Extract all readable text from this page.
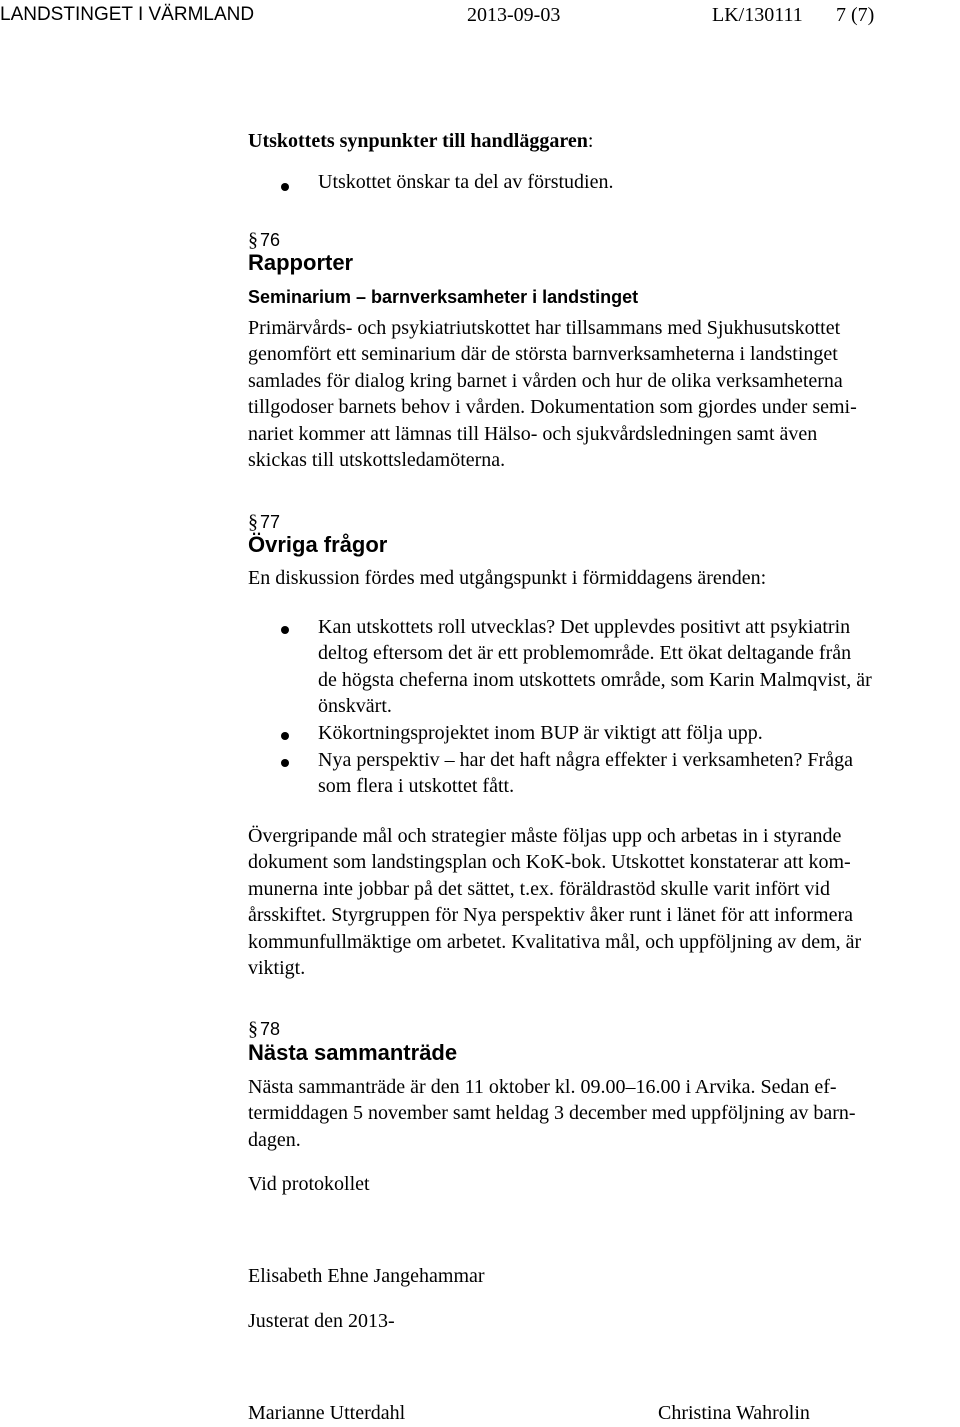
LANDSTINGET I VÄRMLAND	2013-09-03	LK/130111 7 (7)
Utskottets synpunkter till handläggaren:
Utskottet önskar ta del av förstudien.
§ 76
Rapporter
Seminarium – barnverksamheter i landstinget
Primärvårds- och psykiatriutskottet har tillsammans med Sjukhusutskottet
genomfört ett seminarium där de största barnverksamheterna i landstinget
samlades för dialog kring barnet i vården och hur de olika verksamheterna
tillgodoser barnets behov i vården. Dokumentation som gjordes under semi-
nariet kommer att lämnas till Hälso- och sjukvårdsledningen samt även
skickas till utskottsledamöterna.
§ 77
Övriga frågor
En diskussion fördes med utgångspunkt i förmiddagens ärenden:
Kan utskottets roll utvecklas? Det upplevdes positivt att psykiatrin
deltog eftersom det är ett problemområde. Ett ökat deltagande från
de högsta cheferna inom utskottets område, som Karin Malmqvist, är
önskvärt.
Kökortningsprojektet inom BUP är viktigt att följa upp.
Nya perspektiv – har det haft några effekter i verksamheten? Fråga
som flera i utskottet fått.
Övergripande mål och strategier måste följas upp och arbetas in i styrande
dokument som landstingsplan och KoK-bok. Utskottet konstaterar att kom-
munerna inte jobbar på det sättet, t.ex. föräldrastöd skulle varit infört vid
årsskiftet. Styrgruppen för Nya perspektiv åker runt i länet för att informera
kommunfullmäktige om arbetet. Kvalitativa mål, och uppföljning av dem, är
viktigt.
§ 78
Nästa sammanträde
Nästa sammanträde är den 11 oktober kl. 09.00–16.00 i Arvika. Sedan ef-
termiddagen 5 november samt heldag 3 december med uppföljning av barn-
dagen.
Vid protokollet
Elisabeth Ehne Jangehammar
Justerat den 2013-
Marianne Utterdahl	Christina Wahrolin
